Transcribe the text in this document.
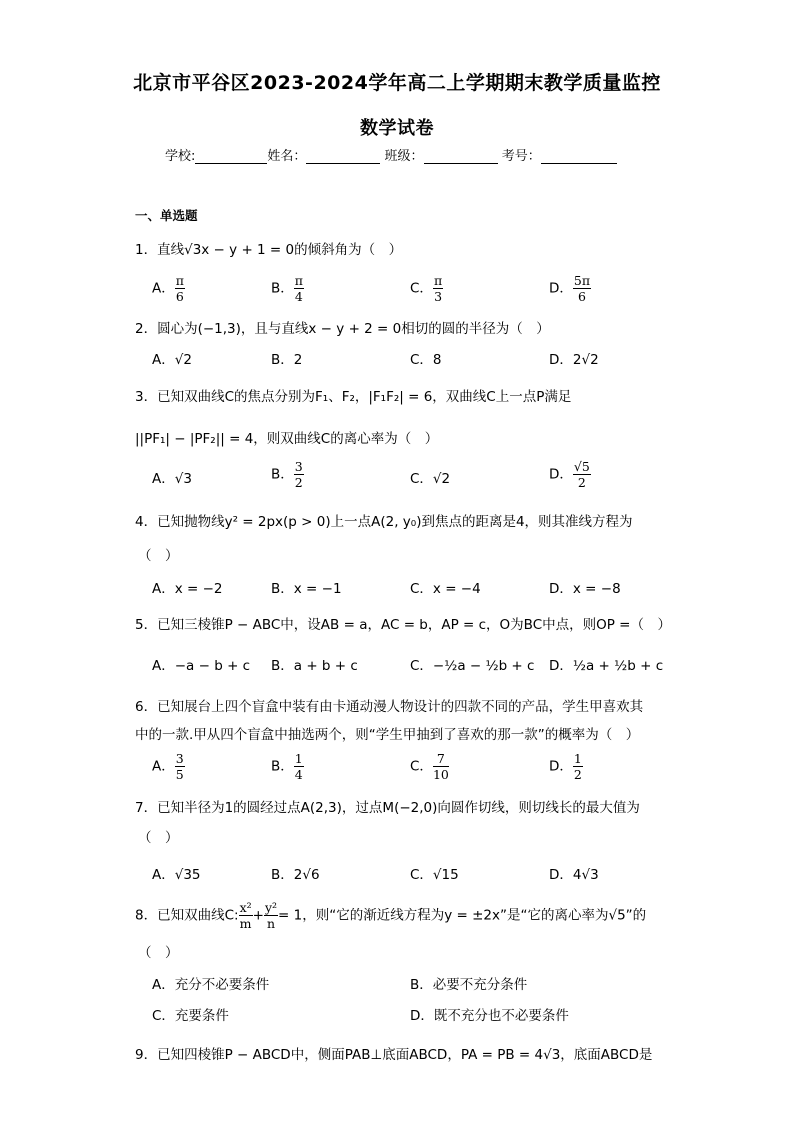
北京市平谷区2023-2024学年高二上学期期末教学质量监控
数学试卷
学校:	姓名：	班级：	考号：
一、单选题
1．直线√3x − y + 1 = 0的倾斜角为（　）
A． $\frac{\pi}{6}$	B． $\frac{\pi}{4}$	C． $\frac{\pi}{3}$	D． $\frac{5\pi}{6}$
2．圆心为(−1,3)，且与直线x − y + 2 = 0相切的圆的半径为（　）
A．√2	B．2	C．8	D．2√2
3．已知双曲线C的焦点分别为F₁、F₂，|F₁F₂| = 6，双曲线C上一点P满足
||PF₁| − |PF₂|| = 4，则双曲线C的离心率为（　）
A．√3	B． $\frac{3}{2}$	C．√2	D． $\frac{√5}{2}$
4．已知抛物线y² = 2px(p > 0)上一点A(2, y₀)到焦点的距离是4，则其准线方程为
（　）
A．x = −2	B．x = −1	C．x = −4	D．x = −8
5．已知三棱锥P − ABC中，设AB = a，AC = b，AP = c，O为BC中点，则OP =（　）
A．−a − b + c B．a + b + c	C．−½a − ½b + c D．½a + ½b + c
6．已知展台上四个盲盒中装有由卡通动漫人物设计的四款不同的产品，学生甲喜欢其
中的一款.甲从四个盲盒中抽选两个，则“学生甲抽到了喜欢的那一款”的概率为（　）
A． $\frac{3}{5}$	B． $\frac{1}{4}$	C． $\frac{7}{10}$	D． $\frac{1}{2}$
7．已知半径为1的圆经过点A(2,3)，过点M(−2,0)向圆作切线，则切线长的最大值为
（　）
A．√35	B．2√6	C．√15	D．4√3
8．已知双曲线C: $\frac{\text{x²}}{m} + \frac{\text{y²}}{n} = 1$，则“它的渐近线方程为y = ±2x”是“它的离心率为√5”的
（　）
A．充分不必要条件	B．必要不充分条件
C．充要条件	D．既不充分也不必要条件
9．已知四棱锥P − ABCD中，侧面PAB⊥底面ABCD，PA = PB = 4√3，底面ABCD是
